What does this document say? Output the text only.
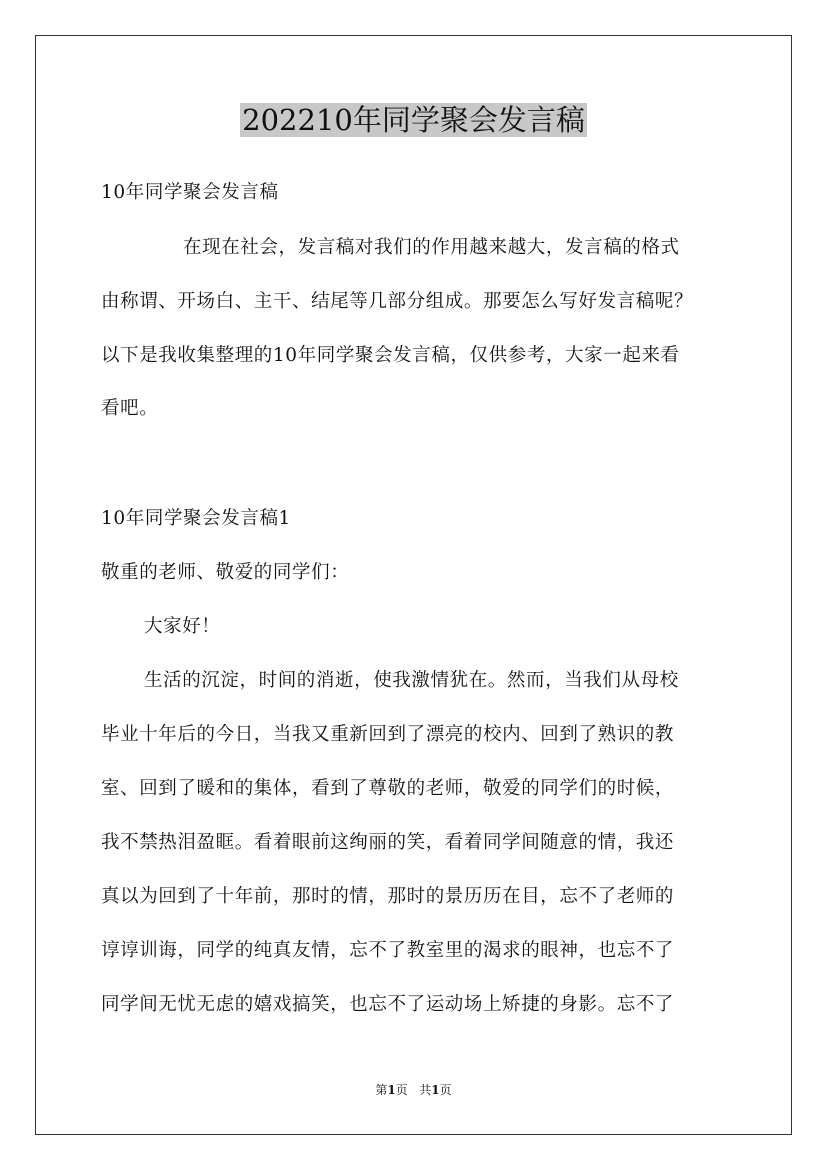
202210年同学聚会发言稿
10年同学聚会发言稿
在现在社会，发言稿对我们的作用越来越大，发言稿的格式
由称谓、开场白、主干、结尾等几部分组成。那要怎么写好发言稿呢？
以下是我收集整理的10年同学聚会发言稿，仅供参考，大家一起来看
看吧。
10年同学聚会发言稿1
敬重的老师、敬爱的同学们：
大家好！
生活的沉淀，时间的消逝，使我激情犹在。然而，当我们从母校
毕业十年后的今日，当我又重新回到了漂亮的校内、回到了熟识的教
室、回到了暖和的集体，看到了尊敬的老师，敬爱的同学们的时候，
我不禁热泪盈眶。看着眼前这绚丽的笑，看着同学间随意的情，我还
真以为回到了十年前，那时的情，那时的景历历在目，忘不了老师的
谆谆训诲，同学的纯真友情，忘不了教室里的渴求的眼神，也忘不了
同学间无忧无虑的嬉戏搞笑，也忘不了运动场上矫捷的身影。忘不了
第1页 共1页
